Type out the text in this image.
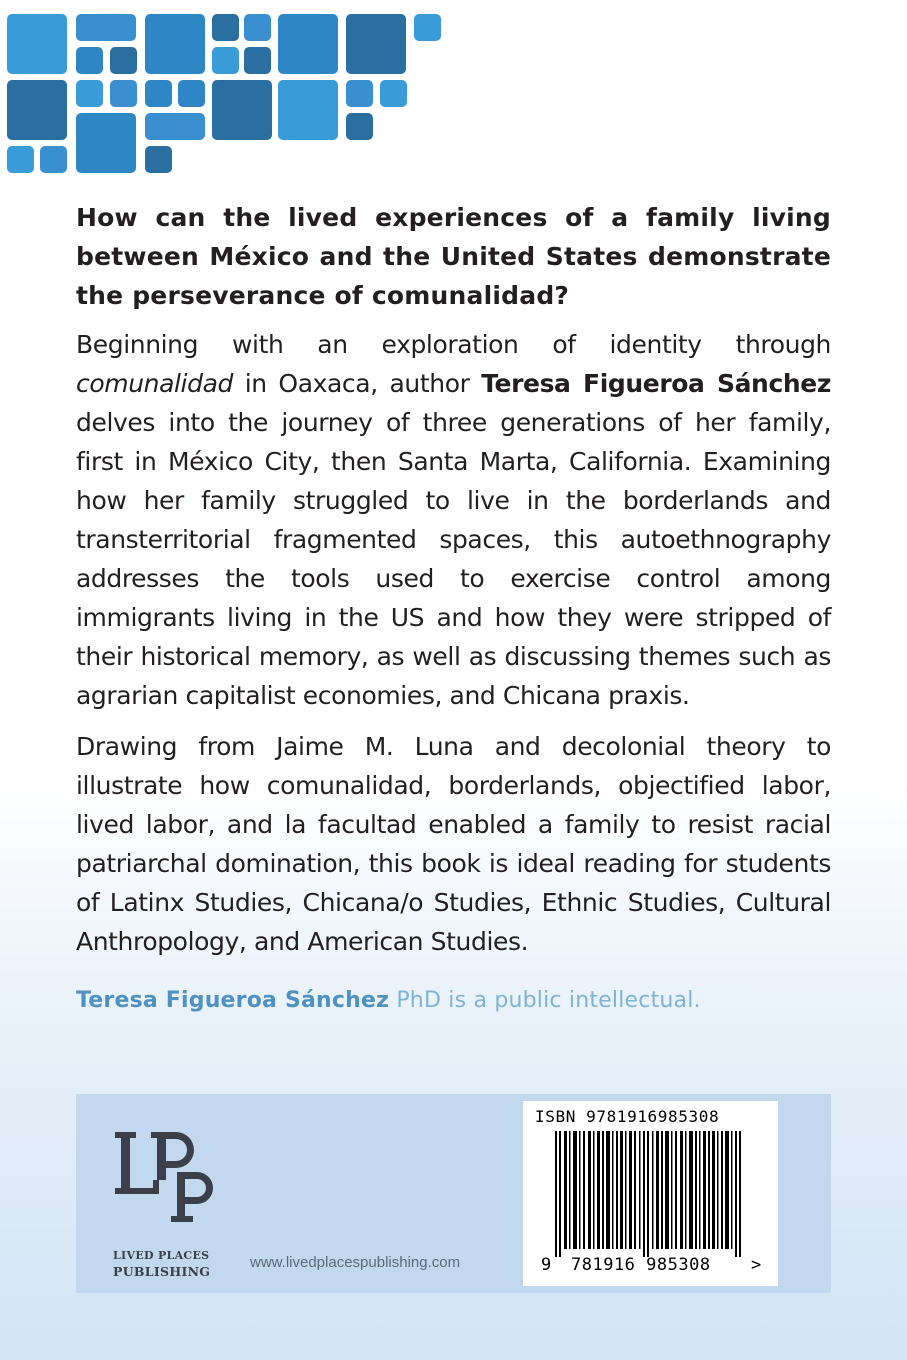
How can the lived experiences of a family living between México and the United States demonstrate the perseverance of comunalidad?
Beginning with an exploration of identity through comunalidad in Oaxaca, author Teresa Figueroa Sánchez delves into the journey of three generations of her family, first in México City, then Santa Marta, California. Examining how her family struggled to live in the borderlands and transterritorial fragmented spaces, this autoethnography addresses the tools used to exercise control among immigrants living in the US and how they were stripped of their historical memory, as well as discussing themes such as agrarian capitalist economies, and Chicana praxis.
Drawing from Jaime M. Luna and decolonial theory to illustrate how comunalidad, borderlands, objectified labor, lived labor, and la facultad enabled a family to resist racial patriarchal domination, this book is ideal reading for students of Latinx Studies, Chicana/o Studies, Ethnic Studies, Cultural Anthropology, and American Studies.
Teresa Figueroa Sánchez PhD is a public intellectual.
LIVED PLACES
PUBLISHING
www.livedplacespublishing.com
ISBN 9781916985308
9 781916 985308 >
